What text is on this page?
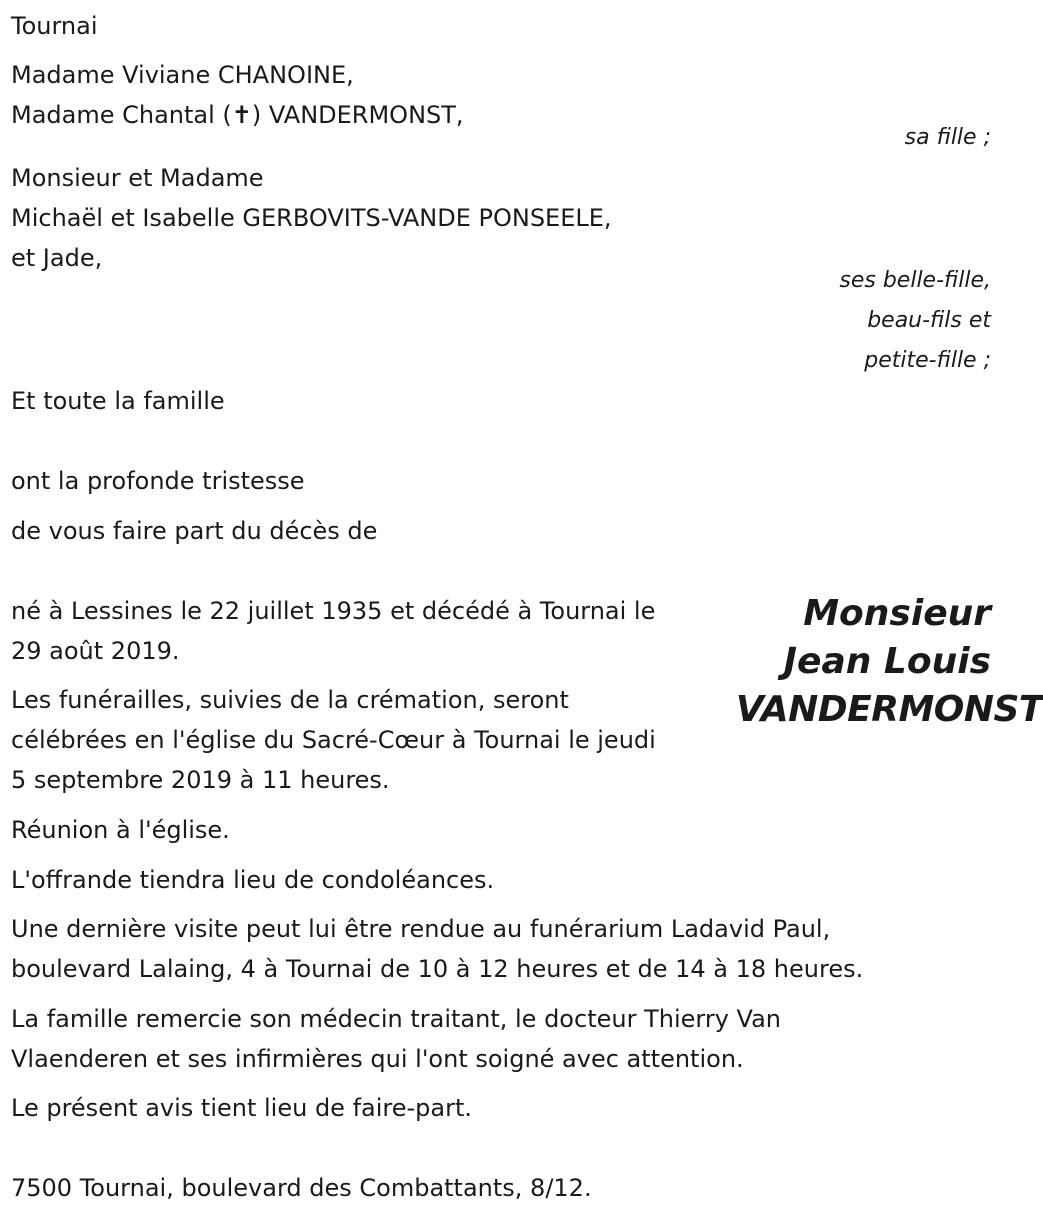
Tournai

Madame Viviane CHANOINE,

Madame Chantal (✝) VANDERMONST,

sa fille ;

Monsieur et Madame

Michaël et Isabelle GERBOVITS-VANDE PONSEELE,

et Jade,

ses belle-fille,
beau-fils et
petite-fille ;

Et toute la famille

ont la profonde tristesse

de vous faire part du décès de

Monsieur
Jean Louis
VANDERMONST

né à Lessines le 22 juillet 1935 et décédé à Tournai le

29 août 2019.

Les funérailles, suivies de la crémation, seront

célébrées en l'église du Sacré-Cœur à Tournai le jeudi

5 septembre 2019 à 11 heures.

Réunion à l'église.

L'offrande tiendra lieu de condoléances.

Une dernière visite peut lui être rendue au funérarium Ladavid Paul,

boulevard Lalaing, 4 à Tournai de 10 à 12 heures et de 14 à 18 heures.

La famille remercie son médecin traitant, le docteur Thierry Van

Vlaenderen et ses infirmières qui l'ont soigné avec attention.

Le présent avis tient lieu de faire-part.

7500 Tournai, boulevard des Combattants, 8/12.
